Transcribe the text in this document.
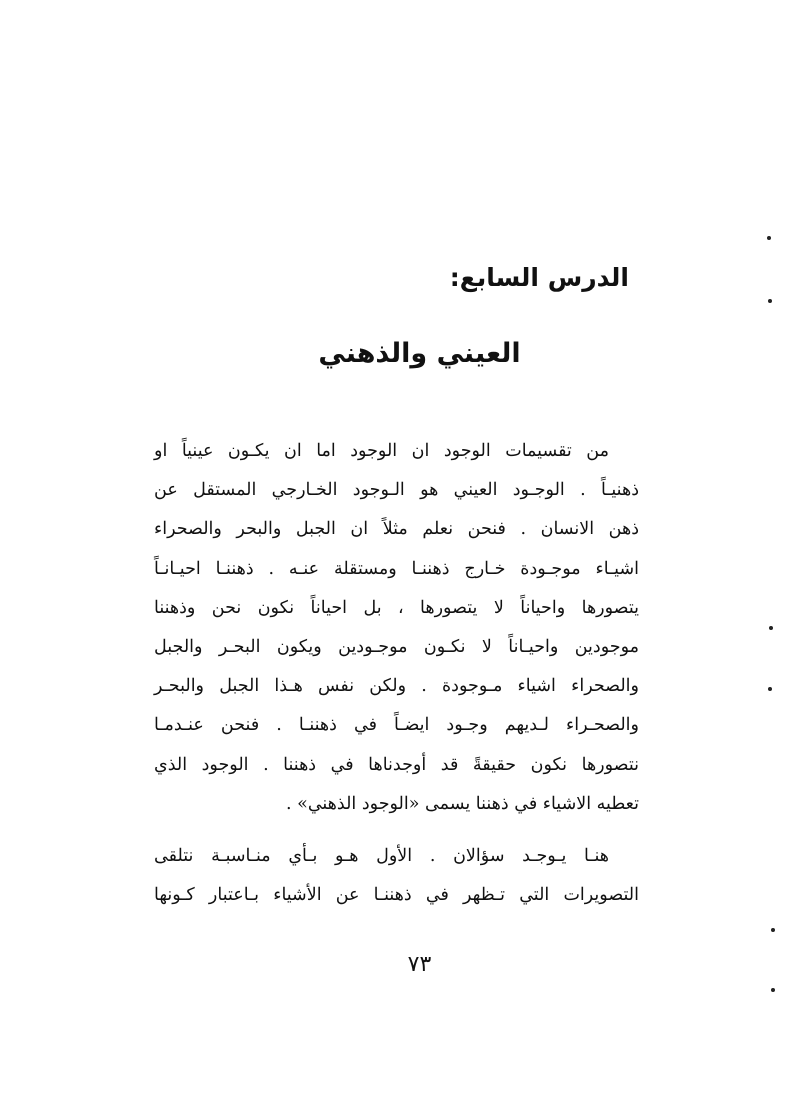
الدرس السابع:
العيني والذهني
من تقسيمات الوجود ان الوجود اما ان يكـون عينياً او
ذهنيـاً . الوجـود العيني هو الـوجود الخـارجي المستقل عن
ذهن الانسان . فنحن نعلم مثلاً ان الجبل والبحر والصحراء
اشيـاء موجـودة خـارج ذهننـا ومستقلة عنـه . ذهننـا احيـانـاً
يتصورها واحياناً لا يتصورها ، بل احياناً نكون نحن وذهننا
موجودين واحيـاناً لا نكـون موجـودين ويكون البحـر والجبل
والصحراء اشياء مـوجودة . ولكن نفس هـذا الجبل والبحـر
والصحـراء لـديهم وجـود ايضـاً في ذهننـا . فنحن عنـدمـا
نتصورها نكون حقيقةً قد أوجدناها في ذهننا . الوجود الذي
تعطيه الاشياء في ذهننا يسمى «الوجود الذهني» .
هنـا يـوجـد سؤالان . الأول هـو بـأي منـاسبـة نتلقى
التصويرات التي تـظهر في ذهننـا عن الأشياء بـاعتبار كـونها
٧٣
